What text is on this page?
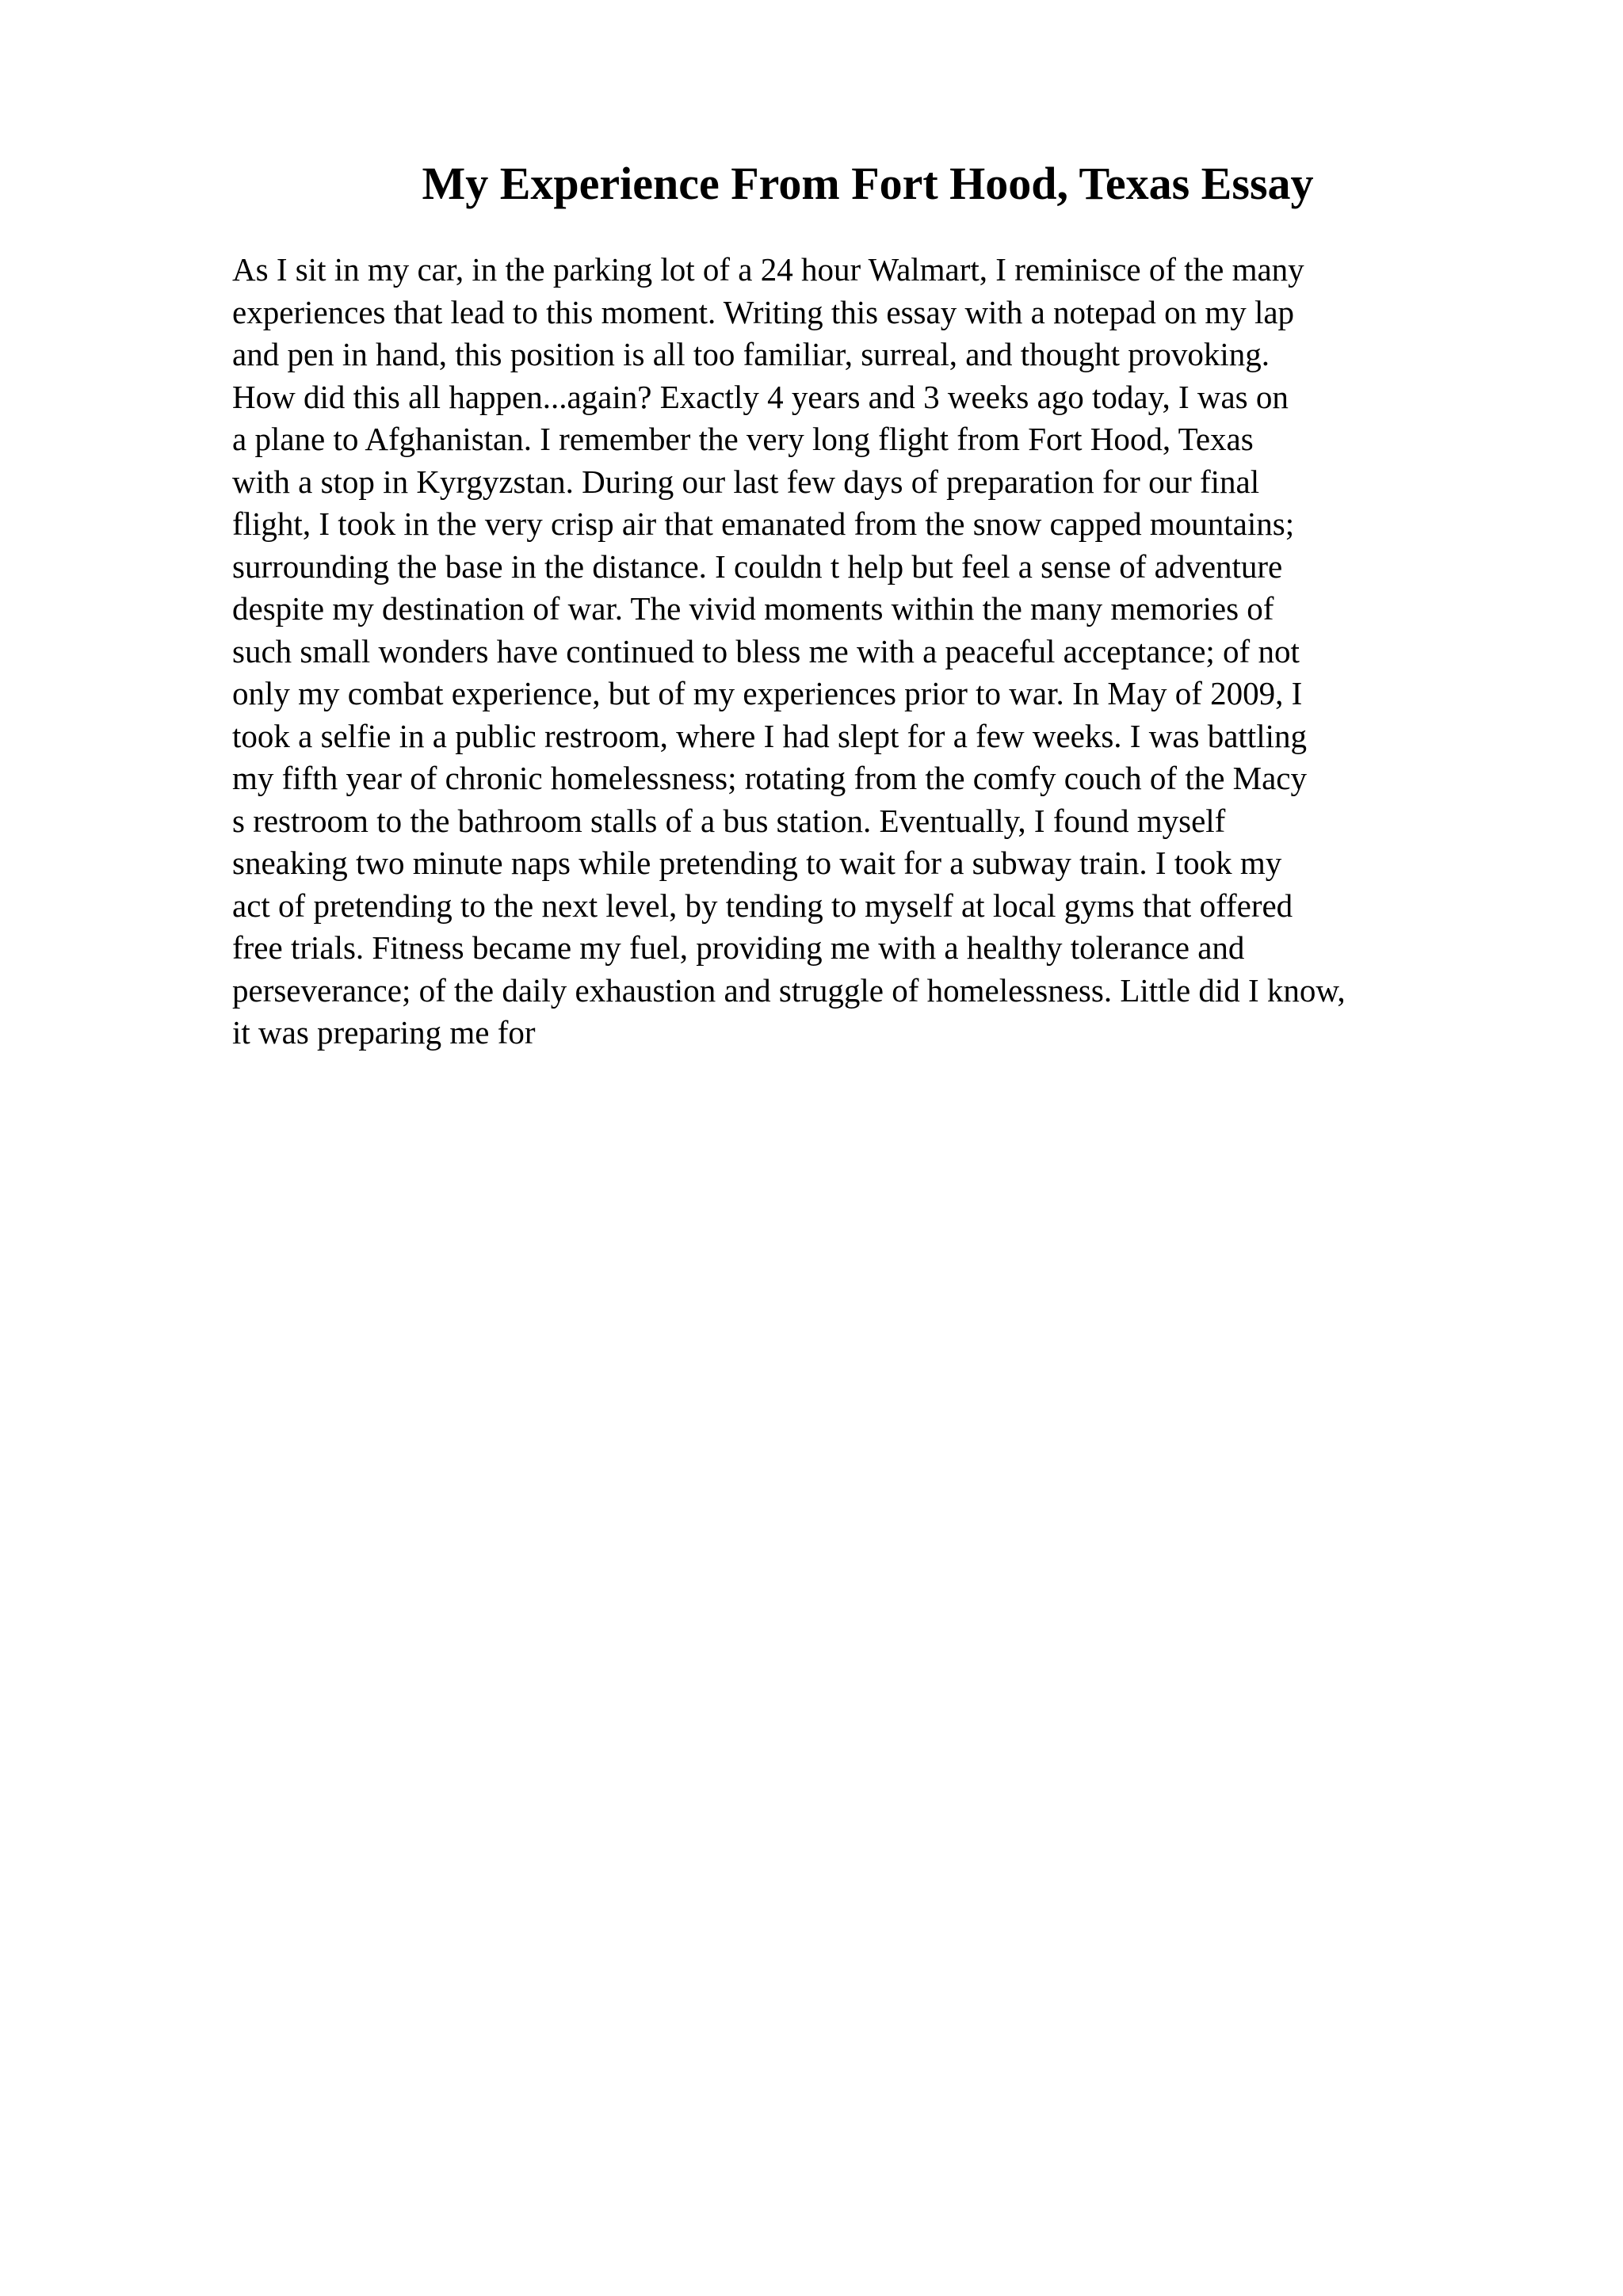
My Experience From Fort Hood, Texas Essay
As I sit in my car, in the parking lot of a 24 hour Walmart, I reminisce of the many
experiences that lead to this moment. Writing this essay with a notepad on my lap
and pen in hand, this position is all too familiar, surreal, and thought provoking.
How did this all happen...again? Exactly 4 years and 3 weeks ago today, I was on
a plane to Afghanistan. I remember the very long flight from Fort Hood, Texas
with a stop in Kyrgyzstan. During our last few days of preparation for our final
flight, I took in the very crisp air that emanated from the snow capped mountains;
surrounding the base in the distance. I couldn t help but feel a sense of adventure
despite my destination of war. The vivid moments within the many memories of
such small wonders have continued to bless me with a peaceful acceptance; of not
only my combat experience, but of my experiences prior to war. In May of 2009, I
took a selfie in a public restroom, where I had slept for a few weeks. I was battling
my fifth year of chronic homelessness; rotating from the comfy couch of the Macy
s restroom to the bathroom stalls of a bus station. Eventually, I found myself
sneaking two minute naps while pretending to wait for a subway train. I took my
act of pretending to the next level, by tending to myself at local gyms that offered
free trials. Fitness became my fuel, providing me with a healthy tolerance and
perseverance; of the daily exhaustion and struggle of homelessness. Little did I know,
it was preparing me for
